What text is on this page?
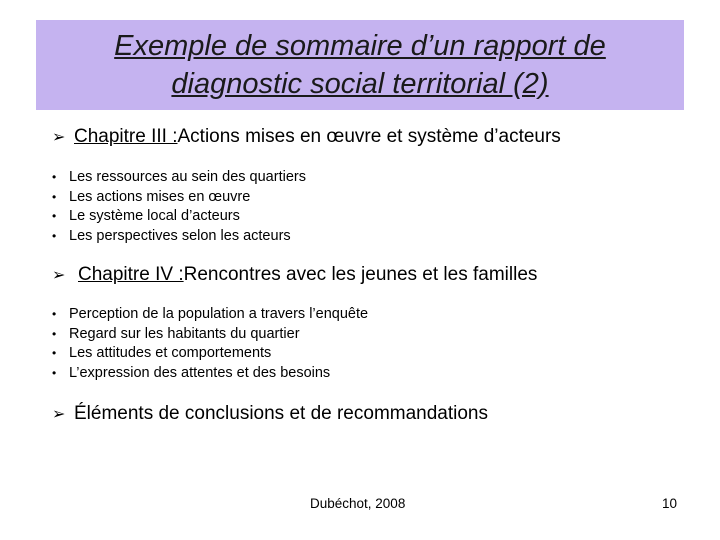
Exemple de sommaire d’un rapport de
diagnostic social territorial (2)
➢ Chapitre III : Actions mises en œuvre et système d’acteurs
• Les ressources au sein des quartiers
• Les actions mises en œuvre
• Le système local d’acteurs
• Les perspectives selon les acteurs
➢ Chapitre IV : Rencontres avec les jeunes et les familles
• Perception de la population a travers l’enquête
• Regard sur les habitants du quartier
• Les attitudes et comportements
• L’expression des attentes et des besoins
➢ Éléments de conclusions et de recommandations
Dubéchot, 2008	10
